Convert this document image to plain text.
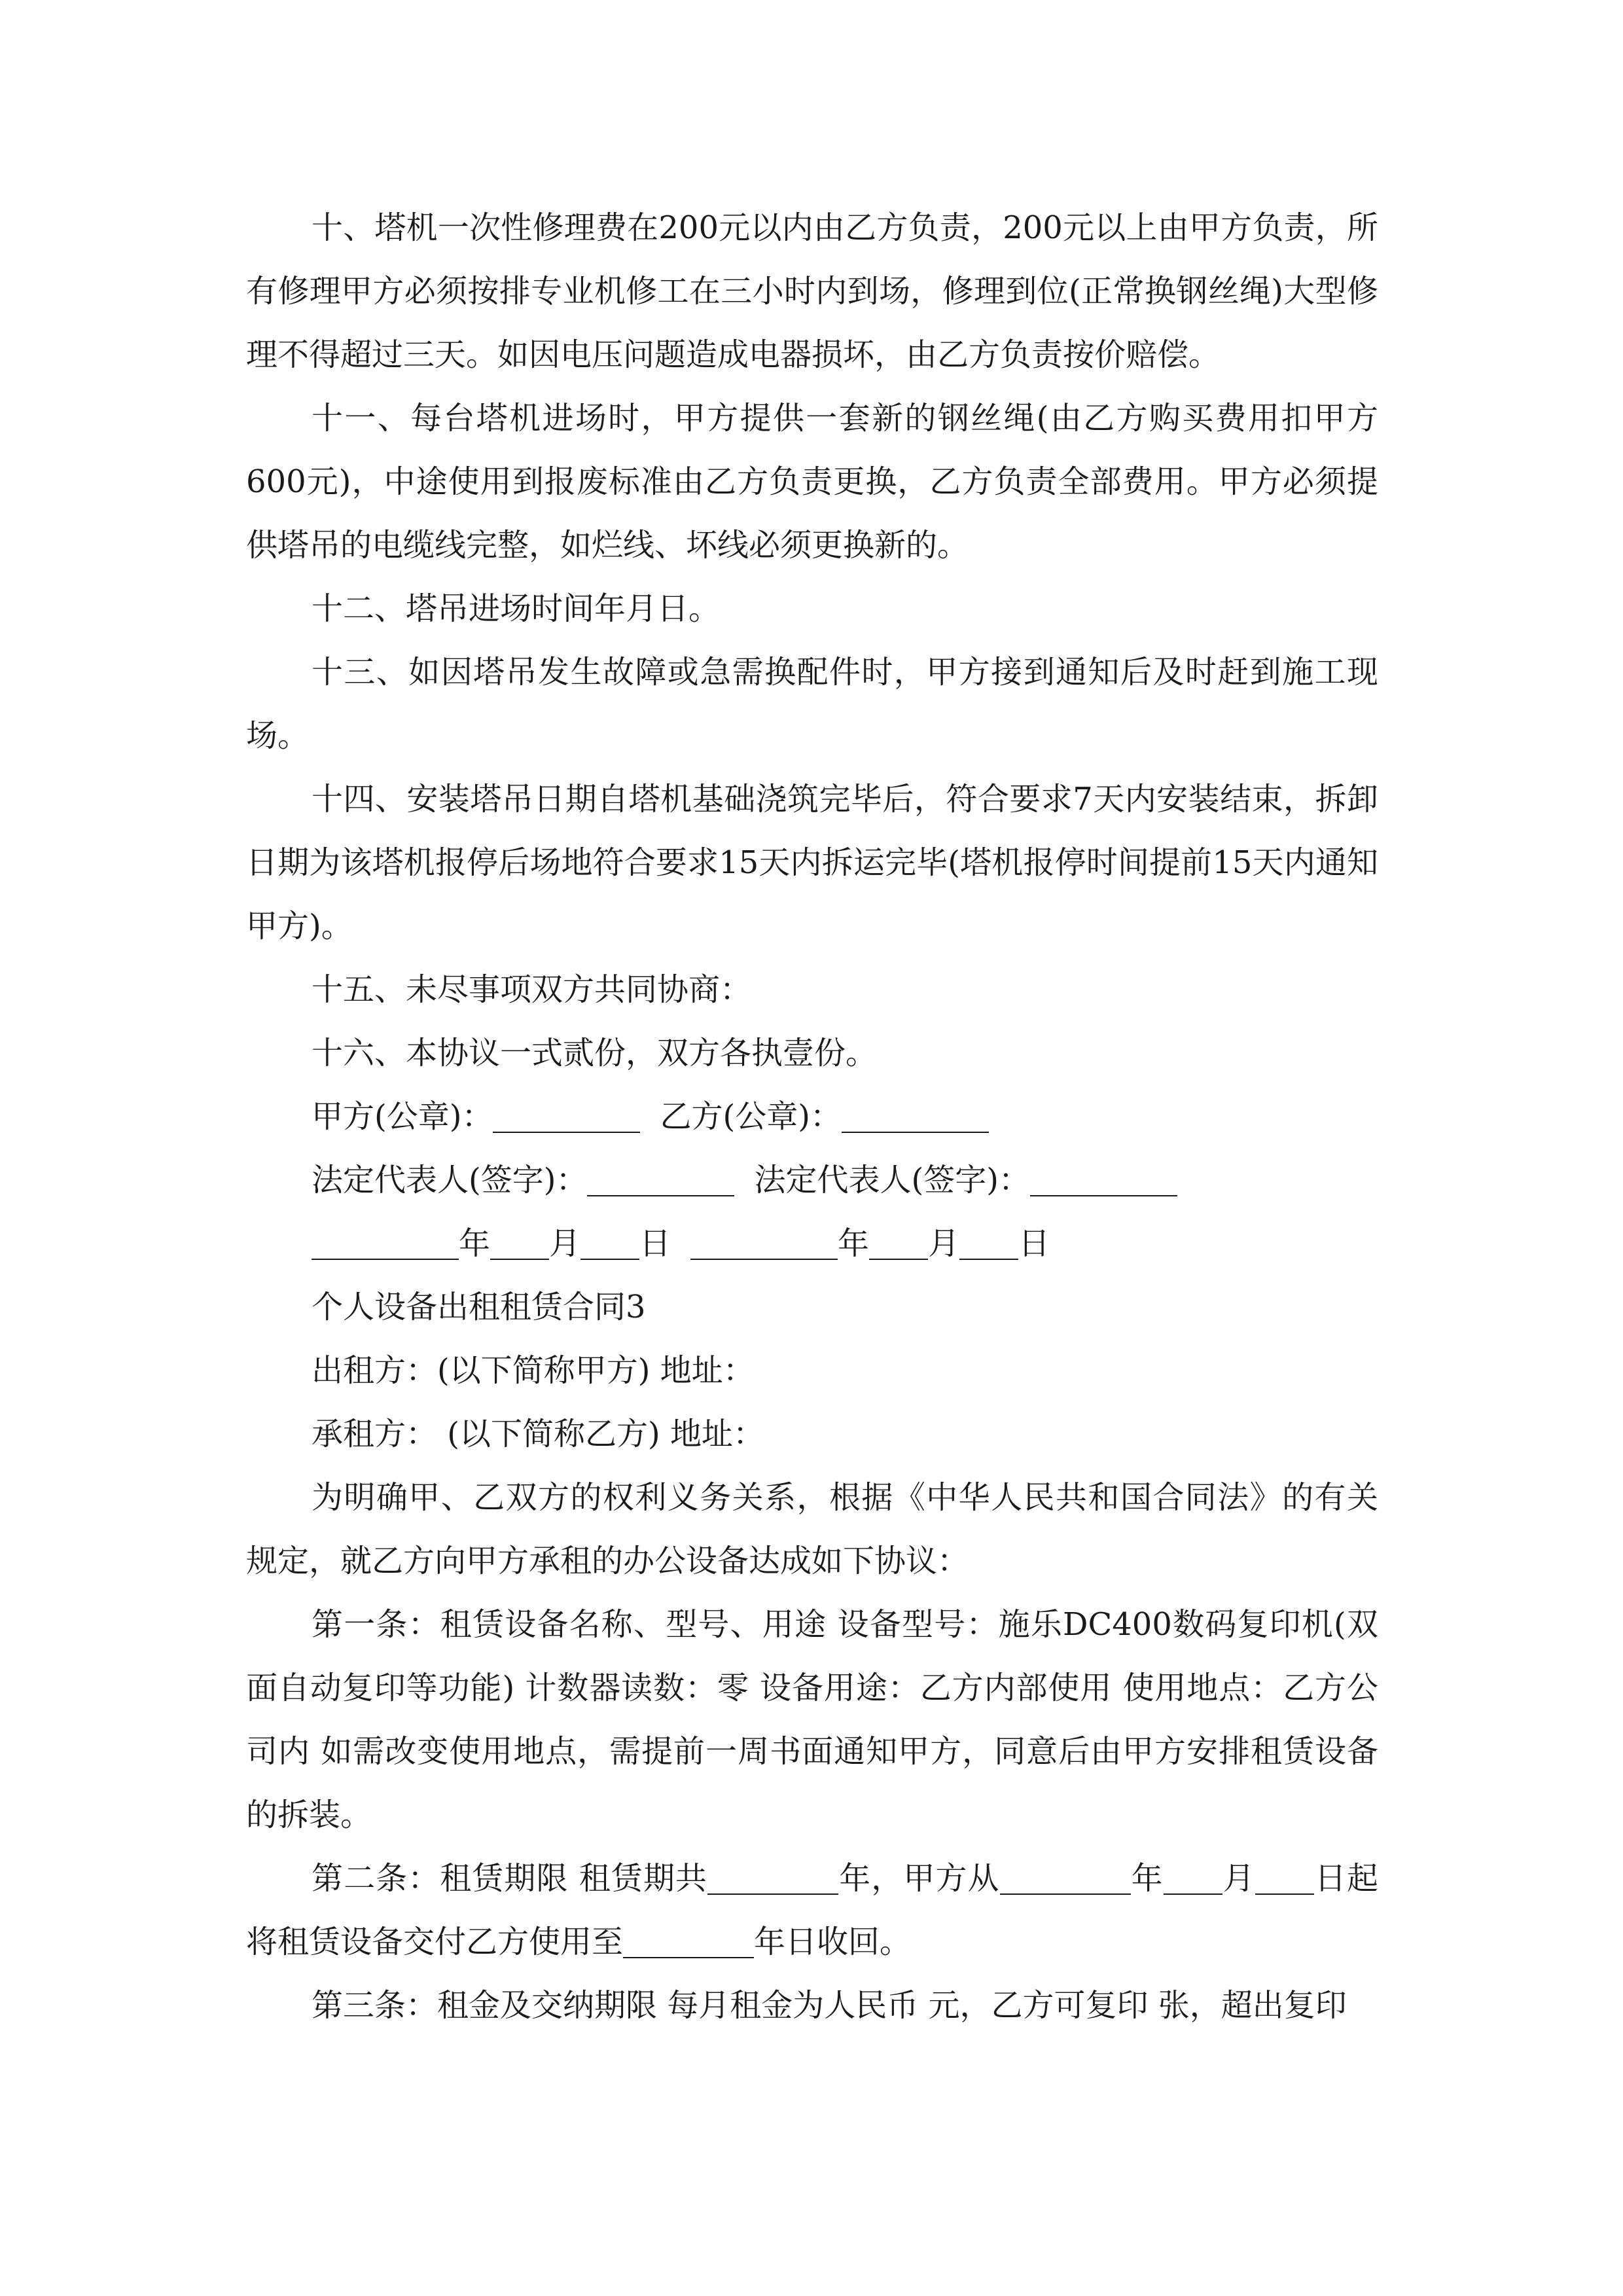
十、塔机一次性修理费在200元以内由乙方负责，200元以上由甲方负责，所有修理甲方必须按排专业机修工在三小时内到场，修理到位(正常换钢丝绳)大型修理不得超过三天。如因电压问题造成电器损坏，由乙方负责按价赔偿。

十一、每台塔机进场时，甲方提供一套新的钢丝绳(由乙方购买费用扣甲方600元)，中途使用到报废标准由乙方负责更换，乙方负责全部费用。甲方必须提供塔吊的电缆线完整，如烂线、坏线必须更换新的。

十二、塔吊进场时间年月日。

十三、如因塔吊发生故障或急需换配件时，甲方接到通知后及时赶到施工现场。

十四、安装塔吊日期自塔机基础浇筑完毕后，符合要求7天内安装结束，拆卸日期为该塔机报停后场地符合要求15天内拆运完毕(塔机报停时间提前15天内通知甲方)。

十五、未尽事项双方共同协商：

十六、本协议一式贰份，双方各执壹份。

甲方(公章)：	乙方(公章)：

法定代表人(签字)：	法定代表人(签字)：

年 月 日	年 月 日

个人设备出租租赁合同3

出租方：(以下简称甲方) 地址：

承租方： (以下简称乙方) 地址：

为明确甲、乙双方的权利义务关系，根据《中华人民共和国合同法》的有关规定，就乙方向甲方承租的办公设备达成如下协议：

第一条：租赁设备名称、型号、用途 设备型号：施乐DC400数码复印机(双面自动复印等功能) 计数器读数：零 设备用途：乙方内部使用 使用地点：乙方公司内 如需改变使用地点，需提前一周书面通知甲方，同意后由甲方安排租赁设备的拆装。

第二条：租赁期限 租赁期共	年，甲方从	年 月 日起将租赁设备交付乙方使用至	年日收回。

第三条：租金及交纳期限 每月租金为人民币 元，乙方可复印 张，超出复印
